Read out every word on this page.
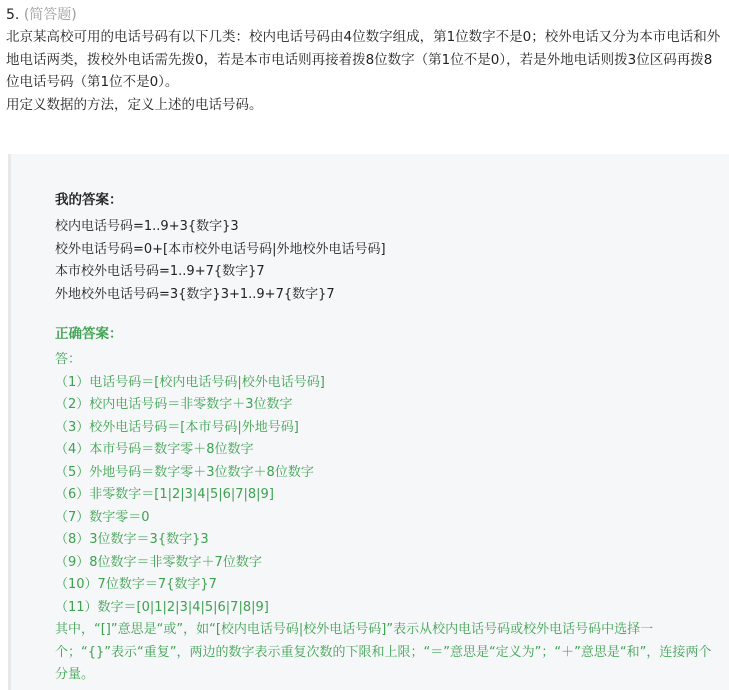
5. (简答题)
北京某高校可用的电话号码有以下几类：校内电话号码由4位数字组成，第1位数字不是0；校外电话又分为本市电话和外地电话两类，拨校外电话需先拨0，若是本市电话则再接着拨8位数字（第1位不是0），若是外地电话则拨3位区码再拨8位电话号码（第1位不是0）。
用定义数据的方法，定义上述的电话号码。
我的答案：
校内电话号码=1..9+3{数字}3
校外电话号码=0+[本市校外电话号码|外地校外电话号码]
本市校外电话号码=1..9+7{数字}7
外地校外电话号码=3{数字}3+1..9+7{数字}7
正确答案：
答：
（1）电话号码＝[校内电话号码|校外电话号码]
（2）校内电话号码＝非零数字＋3位数字
（3）校外电话号码＝[本市号码|外地号码]
（4）本市号码＝数字零＋8位数字
（5）外地号码＝数字零＋3位数字＋8位数字
（6）非零数字＝[1|2|3|4|5|6|7|8|9]
（7）数字零＝0
（8）3位数字＝3{数字}3
（9）8位数字＝非零数字＋7位数字
（10）7位数字＝7{数字}7
（11）数字＝[0|1|2|3|4|5|6|7|8|9]
其中，“[]”意思是“或”，如“[校内电话号码|校外电话号码]”表示从校内电话号码或校外电话号码中选择一个；“{}”表示“重复”，两边的数字表示重复次数的下限和上限；“＝”意思是“定义为”；“＋”意思是“和”，连接两个分量。
